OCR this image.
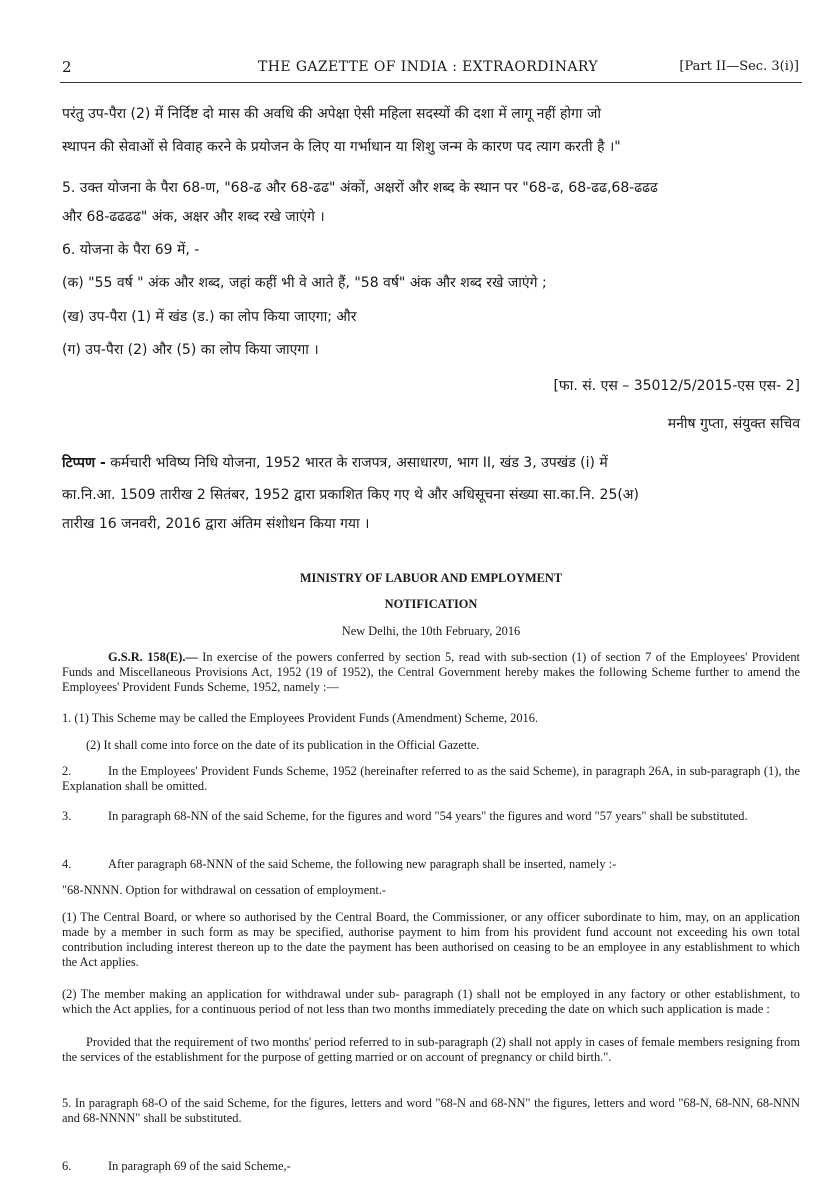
2	THE GAZETTE OF INDIA : EXTRAORDINARY	[Part II—Sec. 3(i)]
परंतु उप-पैरा (2) में निर्दिष्ट दो मास की अवधि की अपेक्षा ऐसी महिला सदस्यों की दशा में लागू नहीं होगा जो
स्थापन की सेवाओं से विवाह करने के प्रयोजन के लिए या गर्भाधान या शिशु जन्म के कारण पद त्याग करती है ।"
5. उक्त योजना के पैरा 68-ण, "68-ढ और 68-ढढ" अंकों, अक्षरों और शब्द के स्थान पर "68-ढ, 68-ढढ,68-ढढढ
और 68-ढढढढ" अंक, अक्षर और शब्द रखे जाएंगे ।
6. योजना के पैरा 69 में, -
(क) "55 वर्ष " अंक और शब्द, जहां कहीं भी वे आते हैं, "58 वर्ष" अंक और शब्द रखे जाएंगे ;
(ख) उप-पैरा (1) में खंड (ड.) का लोप किया जाएगा; और
(ग) उप-पैरा (2) और (5) का लोप किया जाएगा ।
[फा. सं. एस – 35012/5/2015-एस एस- 2]
मनीष गुप्ता, संयुक्त सचिव
टिप्पण - कर्मचारी भविष्य निधि योजना, 1952 भारत के राजपत्र, असाधारण, भाग II, खंड 3, उपखंड (i) में
का.नि.आ. 1509 तारीख 2 सितंबर, 1952 द्वारा प्रकाशित किए गए थे और अधिसूचना संख्या सा.का.नि. 25(अ)
तारीख 16 जनवरी, 2016 द्वारा अंतिम संशोधन किया गया ।
MINISTRY OF LABUOR AND EMPLOYMENT
NOTIFICATION
New Delhi, the 10th February, 2016
G.S.R. 158(E).— In exercise of the powers conferred by section 5, read with sub-section (1) of section 7 of the Employees' Provident Funds and Miscellaneous Provisions Act, 1952 (19 of 1952), the Central Government hereby makes the following Scheme further to amend the Employees' Provident Funds Scheme, 1952, namely :—
1. (1) This Scheme may be called the Employees Provident Funds (Amendment) Scheme, 2016.
(2) It shall come into force on the date of its publication in the Official Gazette.
2.	In the Employees' Provident Funds Scheme, 1952 (hereinafter referred to as the said Scheme), in paragraph 26A, in sub-paragraph (1), the Explanation shall be omitted.
3.	In paragraph 68-NN of the said Scheme, for the figures and word "54 years" the figures and word "57 years" shall be substituted.
4.	After paragraph 68-NNN of the said Scheme, the following new paragraph shall be inserted, namely :-
"68-NNNN. Option for withdrawal on cessation of employment.-
(1) The Central Board, or where so authorised by the Central Board, the Commissioner, or any officer subordinate to him, may, on an application made by a member in such form as may be specified, authorise payment to him from his provident fund account not exceeding his own total contribution including interest thereon up to the date the payment has been authorised on ceasing to be an employee in any establishment to which the Act applies.
(2) The member making an application for withdrawal under sub- paragraph (1) shall not be employed in any factory or other establishment, to which the Act applies, for a continuous period of not less than two months immediately preceding the date on which such application is made :
Provided that the requirement of two months' period referred to in sub-paragraph (2) shall not apply in cases of female members resigning from the services of the establishment for the purpose of getting married or on account of pregnancy or child birth.".
5. In paragraph 68-O of the said Scheme, for the figures, letters and word "68-N and 68-NN" the figures, letters and word "68-N, 68-NN, 68-NNN and 68-NNNN" shall be substituted.
6.	In paragraph 69 of the said Scheme,-
